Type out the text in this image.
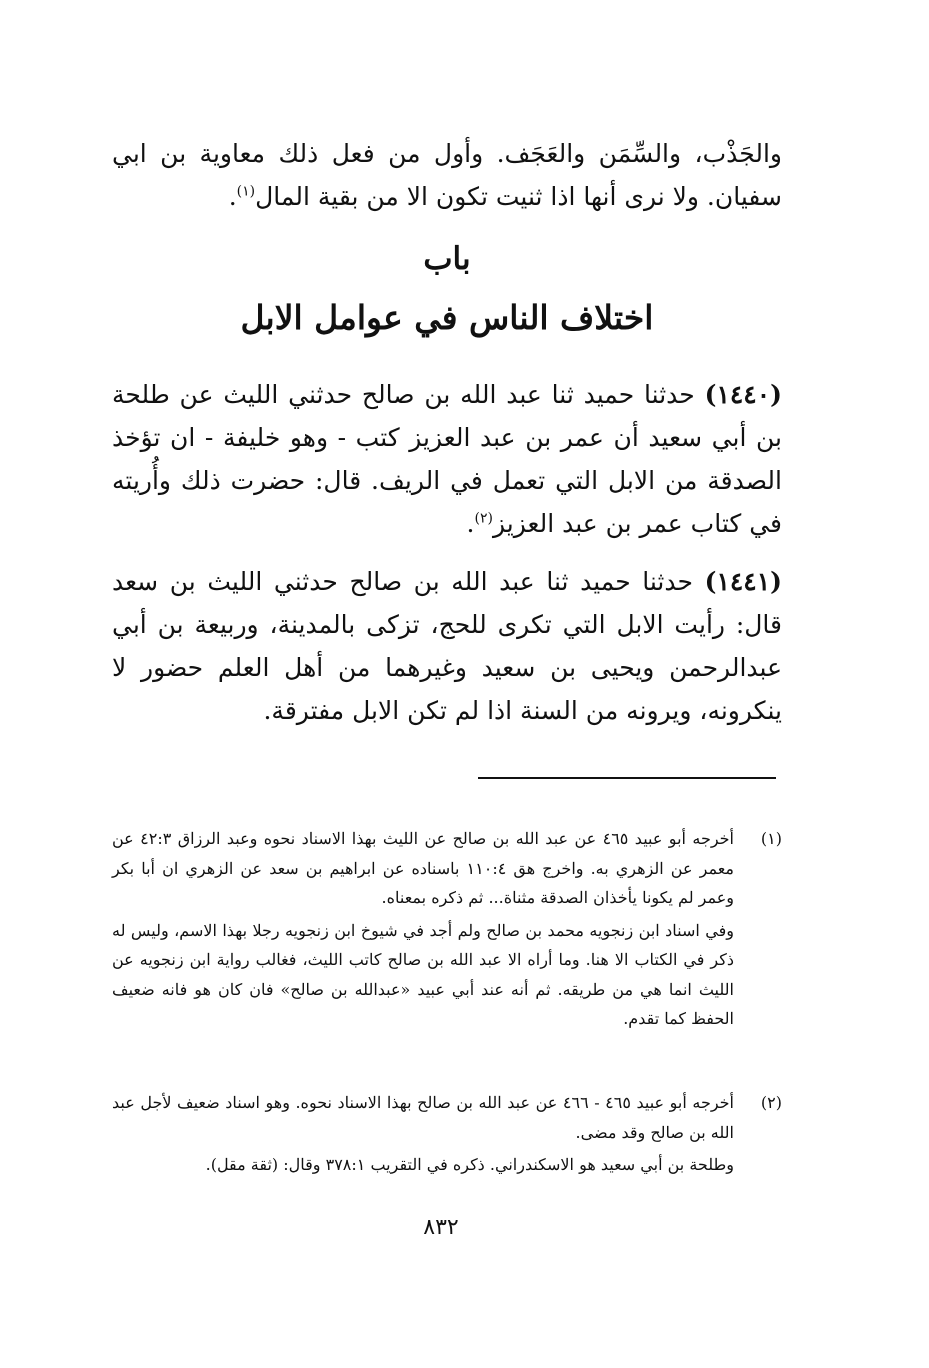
والجَذْب، والسِّمَن والعَجَف. وأول من فعل ذلك معاوية بن ابي سفيان. ولا نرى أنها اذا ثنيت تكون الا من بقية المال$^{(١)}$.

باب
اختلاف الناس في عوامل الابل

(١٤٤٠) حدثنا حميد ثنا عبد الله بن صالح حدثني الليث عن طلحة بن أبي سعيد أن عمر بن عبد العزيز كتب - وهو خليفة - ان تؤخذ الصدقة من الابل التي تعمل في الريف. قال: حضرت ذلك وأُريته في كتاب عمر بن عبد العزيز$^{(٢)}$.

(١٤٤١) حدثنا حميد ثنا عبد الله بن صالح حدثني الليث بن سعد قال: رأيت الابل التي تكرى للحج، تزكى بالمدينة، وربيعة بن أبي عبدالرحمن ويحيى بن سعيد وغيرهما من أهل العلم حضور لا ينكرونه، ويرونه من السنة اذا لم تكن الابل مفترقة.

(١)

أخرجه أبو عبيد ٤٦٥ عن عبد الله بن صالح عن الليث بهذا الاسناد نحوه وعبد الرزاق ٤٢:٣ عن معمر عن الزهري به. واخرج هق ١١٠:٤ باسناده عن ابراهيم بن سعد عن الزهري ان أبا بكر وعمر لم يكونا يأخذان الصدقة مثناة... ثم ذكره بمعناه.

وفي اسناد ابن زنجويه محمد بن صالح ولم أجد في شيوخ ابن زنجويه رجلا بهذا الاسم، وليس له ذكر في الكتاب الا هنا. وما أراه الا عبد الله بن صالح كاتب الليث، فغالب رواية ابن زنجويه عن الليث انما هي من طريقه. ثم أنه عند أبي عبيد «عبدالله بن صالح» فان كان هو فانه ضعيف الحفظ كما تقدم.

(٢)

أخرجه أبو عبيد ٤٦٥ - ٤٦٦ عن عبد الله بن صالح بهذا الاسناد نحوه. وهو اسناد ضعيف لأجل عبد الله بن صالح وقد مضى.

وطلحة بن أبي سعيد هو الاسكندراني. ذكره في التقريب ٣٧٨:١ وقال: (ثقة مقل).

٨٣٢
